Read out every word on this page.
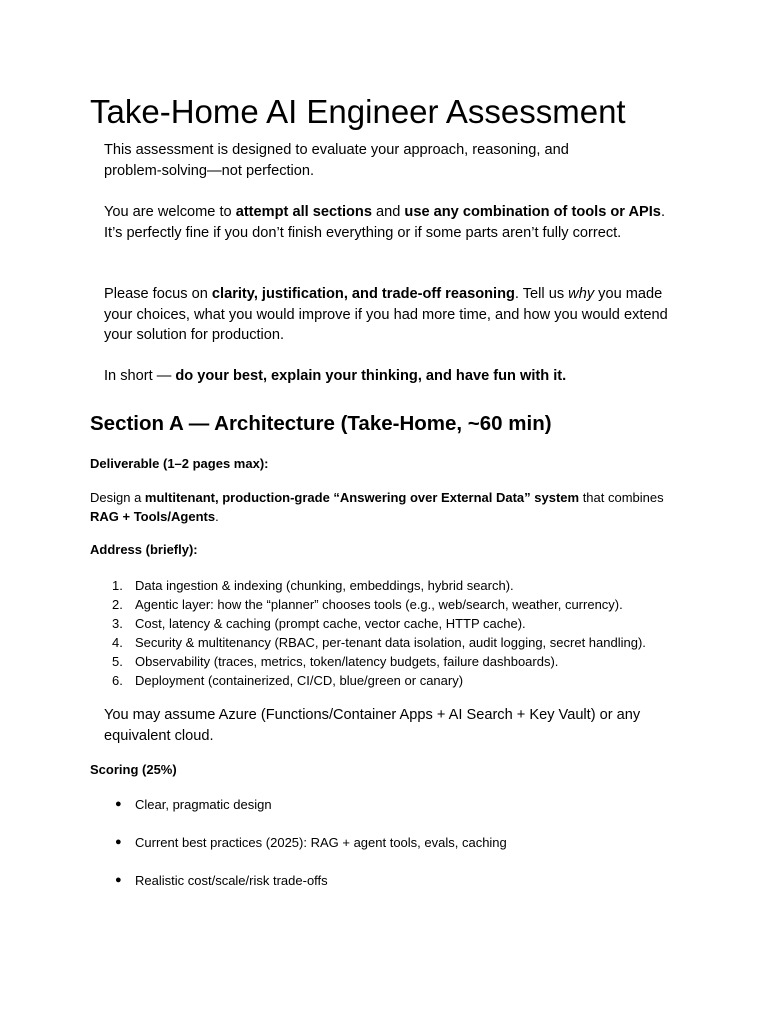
Take-Home AI Engineer Assessment

This assessment is designed to evaluate your approach, reasoning, and
problem-solving—not perfection.

You are welcome to attempt all sections and use any combination of tools or APIs. It’s perfectly fine if you don’t finish everything or if some parts aren’t fully correct.

Please focus on clarity, justification, and trade-off reasoning. Tell us why you made your choices, what you would improve if you had more time, and how you would extend your solution for production.

In short — do your best, explain your thinking, and have fun with it.

Section A — Architecture (Take-Home, ~60 min)

Deliverable (1–2 pages max):

Design a multitenant, production-grade “Answering over External Data” system that combines
RAG + Tools/Agents.

Address (briefly):

1. Data ingestion & indexing (chunking, embeddings, hybrid search).
2. Agentic layer: how the “planner” chooses tools (e.g., web/search, weather, currency).
3. Cost, latency & caching (prompt cache, vector cache, HTTP cache).
4. Security & multitenancy (RBAC, per-tenant data isolation, audit logging, secret handling).
5. Observability (traces, metrics, token/latency budgets, failure dashboards).
6. Deployment (containerized, CI/CD, blue/green or canary)

You may assume Azure (Functions/Container Apps + AI Search + Key Vault) or any
equivalent cloud.

Scoring (25%)

● Clear, pragmatic design
● Current best practices (2025): RAG + agent tools, evals, caching
● Realistic cost/scale/risk trade-offs
